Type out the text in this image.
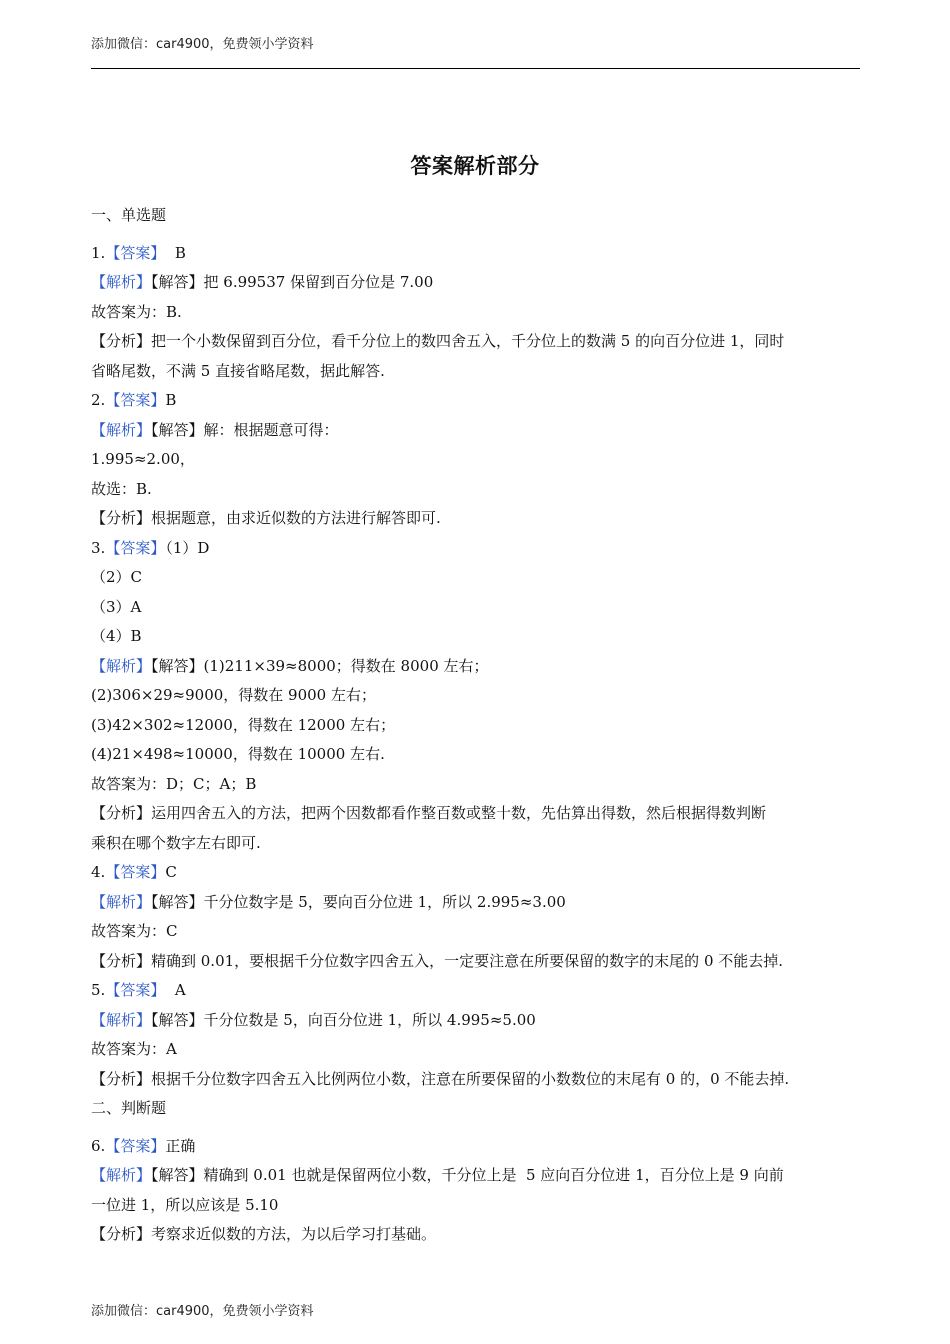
添加微信：car4900，免费领小学资料
答案解析部分
一、单选题
1.【答案】  B
【解析】【解答】把 6.99537 保留到百分位是 7.00
故答案为：B.
【分析】把一个小数保留到百分位，看千分位上的数四舍五入，千分位上的数满 5 的向百分位进 1，同时
省略尾数，不满 5 直接省略尾数，据此解答.
2.【答案】B
【解析】【解答】解：根据题意可得：
1.995≈2.00，
故选：B.
【分析】根据题意，由求近似数的方法进行解答即可.
3.【答案】（1）D
（2）C
（3）A
（4）B
【解析】【解答】(1)211×39≈8000；得数在 8000 左右；
(2)306×29≈9000，得数在 9000 左右；
(3)42×302≈12000，得数在 12000 左右；
(4)21×498≈10000，得数在 10000 左右.
故答案为：D；C；A；B
【分析】运用四舍五入的方法，把两个因数都看作整百数或整十数，先估算出得数，然后根据得数判断
乘积在哪个数字左右即可.
4.【答案】C
【解析】【解答】千分位数字是 5，要向百分位进 1，所以 2.995≈3.00
故答案为：C
【分析】精确到 0.01，要根据千分位数字四舍五入，一定要注意在所要保留的数字的末尾的 0 不能去掉.
5.【答案】  A
【解析】【解答】千分位数是 5，向百分位进 1，所以 4.995≈5.00
故答案为：A
【分析】根据千分位数字四舍五入比例两位小数，注意在所要保留的小数数位的末尾有 0 的，0 不能去掉.
二、判断题
6.【答案】正确
【解析】【解答】精确到 0.01 也就是保留两位小数，千分位上是  5 应向百分位进 1，百分位上是 9 向前
一位进 1，所以应该是 5.10
【分析】考察求近似数的方法，为以后学习打基础。
添加微信：car4900，免费领小学资料
